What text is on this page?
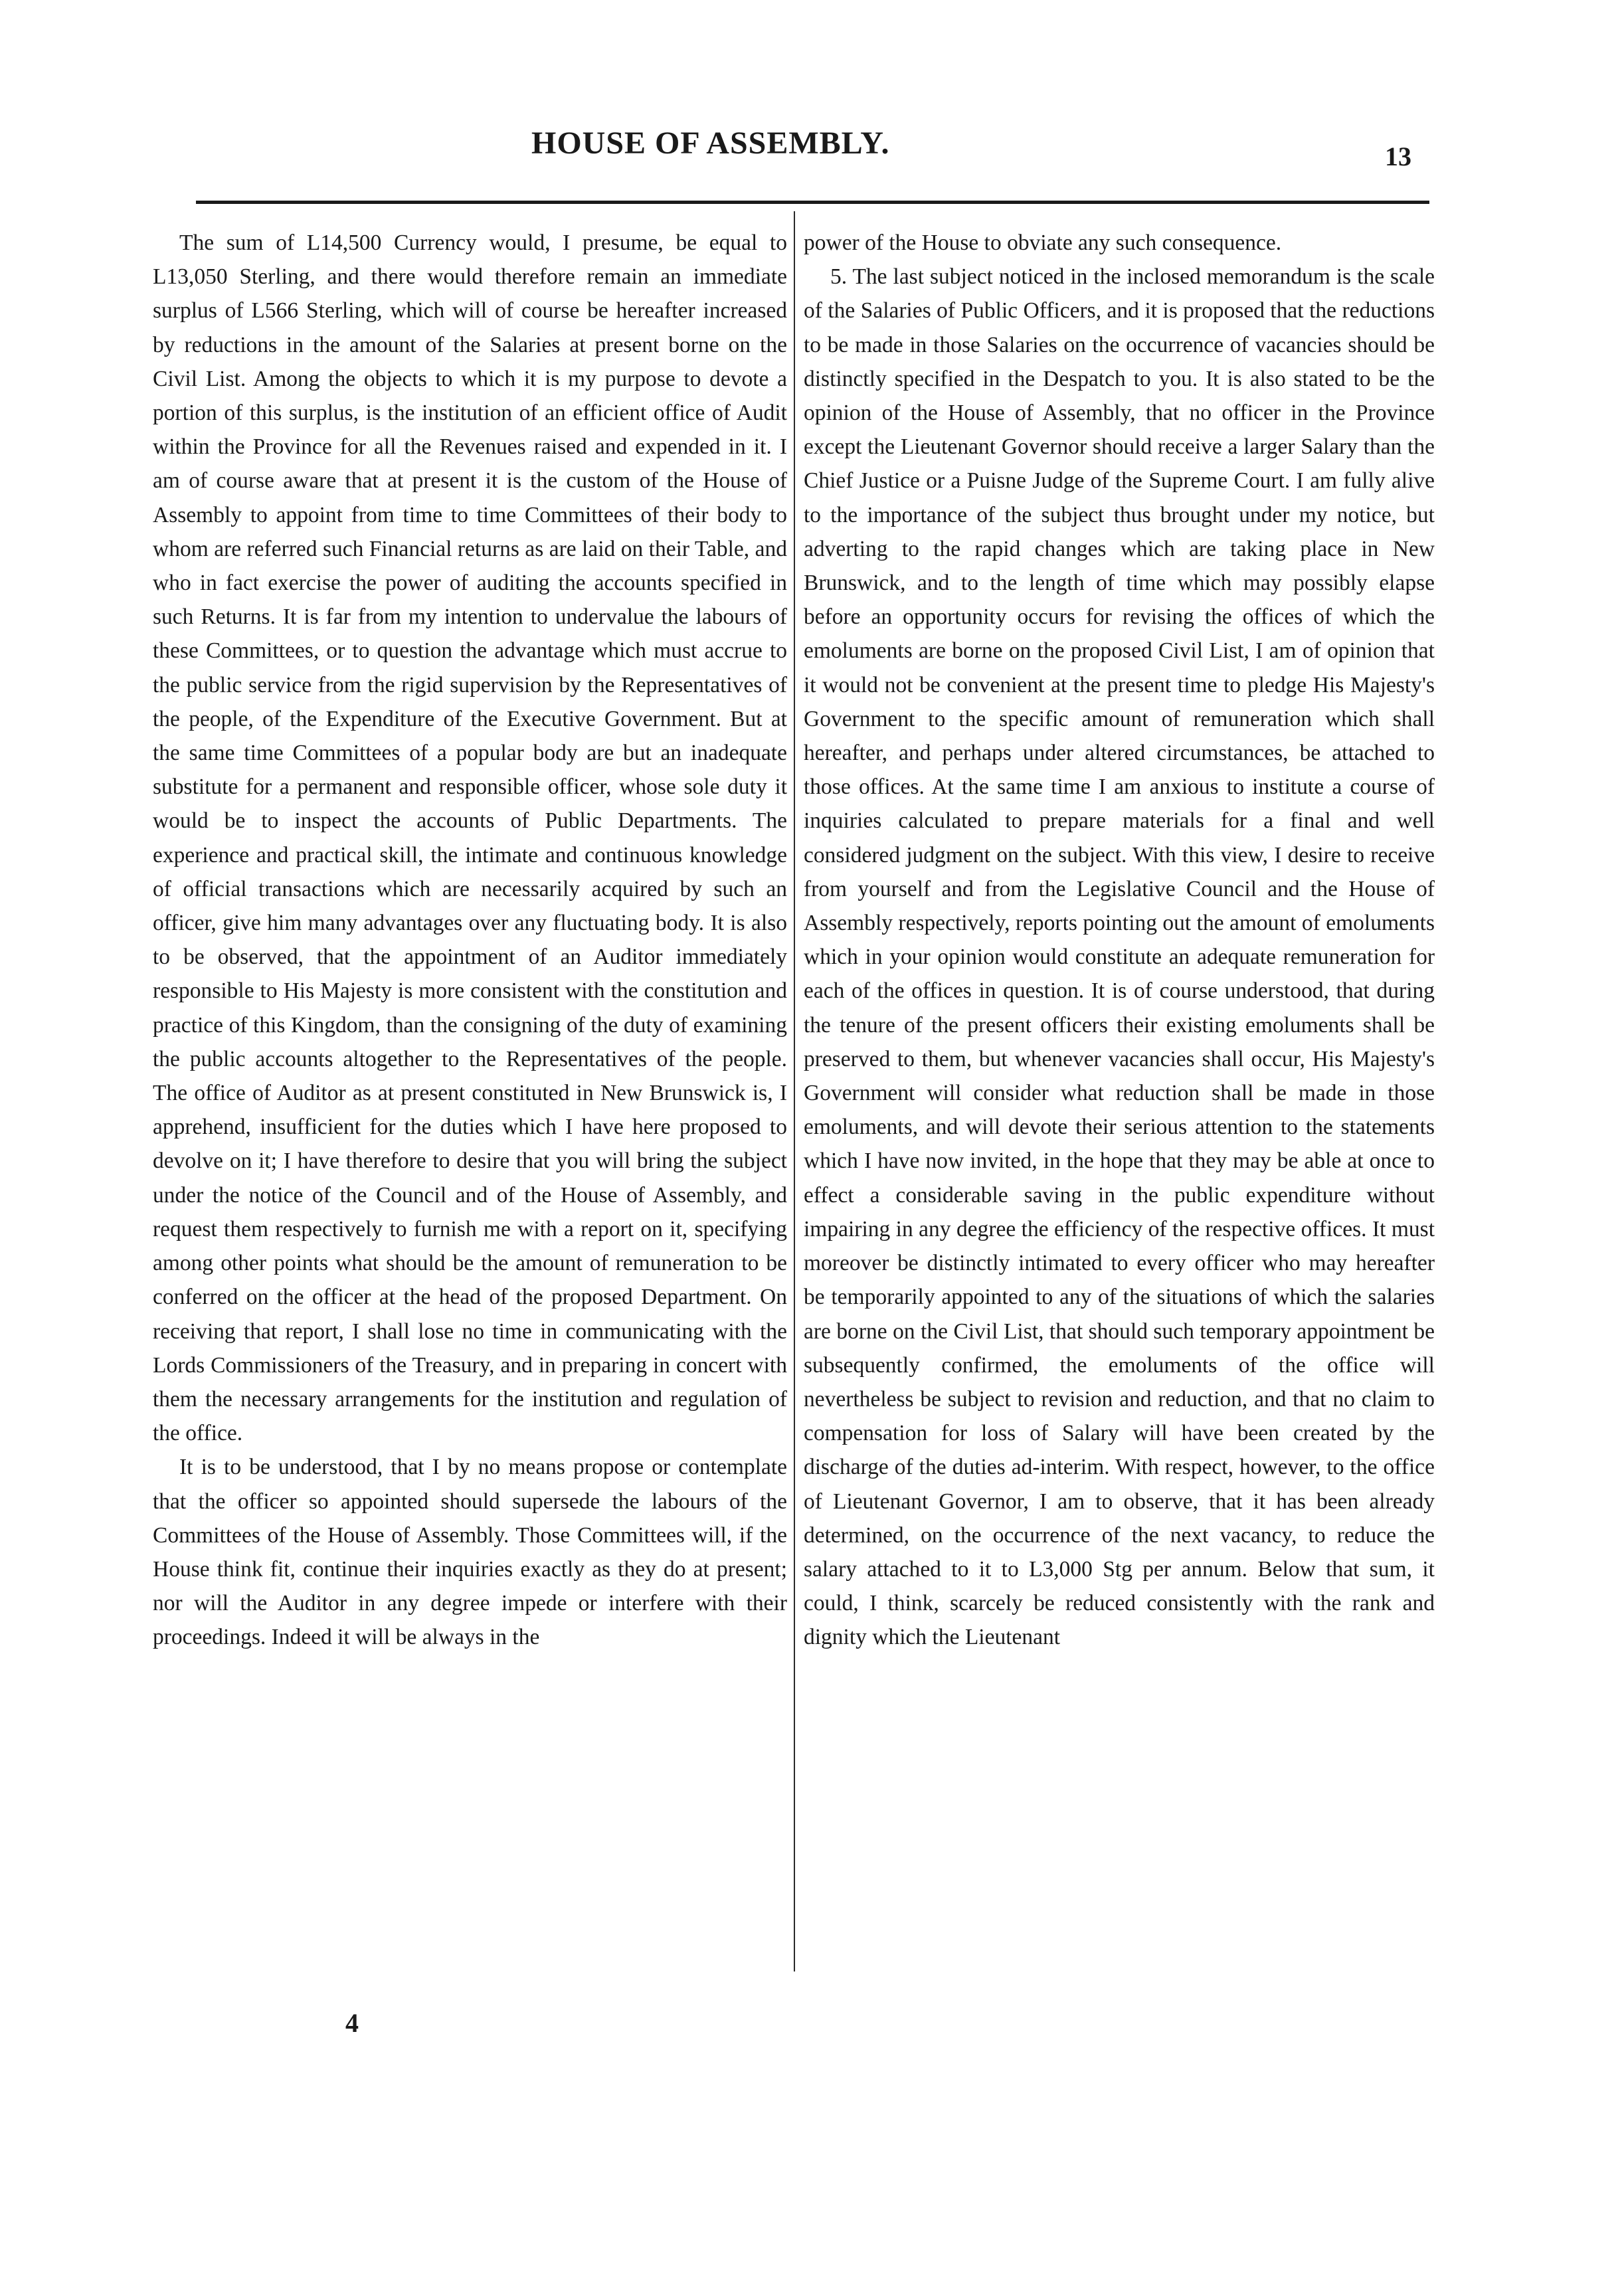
HOUSE OF ASSEMBLY.	13

The sum of L14,500 Currency would, I presume, be equal to L13,050 Sterling, and there would therefore remain an immediate surplus of L566 Sterling, which will of course be hereafter increased by reductions in the amount of the Salaries at present borne on the Civil List. Among the objects to which it is my purpose to devote a portion of this surplus, is the institution of an efficient office of Audit within the Province for all the Revenues raised and expended in it. I am of course aware that at present it is the custom of the House of Assembly to appoint from time to time Committees of their body to whom are referred such Financial returns as are laid on their Table, and who in fact exercise the power of auditing the accounts specified in such Returns. It is far from my intention to undervalue the labours of these Committees, or to question the advantage which must accrue to the public service from the rigid supervision by the Representatives of the people, of the Expenditure of the Executive Government. But at the same time Committees of a popular body are but an inadequate substitute for a permanent and responsible officer, whose sole duty it would be to inspect the accounts of Public Departments. The experience and practical skill, the intimate and continuous knowledge of official transactions which are necessarily acquired by such an officer, give him many advantages over any fluctuating body. It is also to be observed, that the appointment of an Auditor immediately responsible to His Majesty is more consistent with the constitution and practice of this Kingdom, than the consigning of the duty of examining the public accounts altogether to the Representatives of the people. The office of Auditor as at present constituted in New Brunswick is, I apprehend, insufficient for the duties which I have here proposed to devolve on it; I have therefore to desire that you will bring the subject under the notice of the Council and of the House of Assembly, and request them respectively to furnish me with a report on it, specifying among other points what should be the amount of remuneration to be conferred on the officer at the head of the proposed Department. On receiving that report, I shall lose no time in communicating with the Lords Commissioners of the Treasury, and in preparing in concert with them the necessary arrangements for the institution and regulation of the office.

It is to be understood, that I by no means propose or contemplate that the officer so appointed should supersede the labours of the Committees of the House of Assembly. Those Committees will, if the House think fit, continue their inquiries exactly as they do at present; nor will the Auditor in any degree impede or interfere with their proceedings. Indeed it will be always in the

power of the House to obviate any such consequence.

5. The last subject noticed in the inclosed memorandum is the scale of the Salaries of Public Officers, and it is proposed that the reductions to be made in those Salaries on the occurrence of vacancies should be distinctly specified in the Despatch to you. It is also stated to be the opinion of the House of Assembly, that no officer in the Province except the Lieutenant Governor should receive a larger Salary than the Chief Justice or a Puisne Judge of the Supreme Court. I am fully alive to the importance of the subject thus brought under my notice, but adverting to the rapid changes which are taking place in New Brunswick, and to the length of time which may possibly elapse before an opportunity occurs for revising the offices of which the emoluments are borne on the proposed Civil List, I am of opinion that it would not be convenient at the present time to pledge His Majesty's Government to the specific amount of remuneration which shall hereafter, and perhaps under altered circumstances, be attached to those offices. At the same time I am anxious to institute a course of inquiries calculated to prepare materials for a final and well considered judgment on the subject. With this view, I desire to receive from yourself and from the Legislative Council and the House of Assembly respectively, reports pointing out the amount of emoluments which in your opinion would constitute an adequate remuneration for each of the offices in question. It is of course understood, that during the tenure of the present officers their existing emoluments shall be preserved to them, but whenever vacancies shall occur, His Majesty's Government will consider what reduction shall be made in those emoluments, and will devote their serious attention to the statements which I have now invited, in the hope that they may be able at once to effect a considerable saving in the public expenditure without impairing in any degree the efficiency of the respective offices. It must moreover be distinctly intimated to every officer who may hereafter be temporarily appointed to any of the situations of which the salaries are borne on the Civil List, that should such temporary appointment be subsequently confirmed, the emoluments of the office will nevertheless be subject to revision and reduction, and that no claim to compensation for loss of Salary will have been created by the discharge of the duties ad-interim. With respect, however, to the office of Lieutenant Governor, I am to observe, that it has been already determined, on the occurrence of the next vacancy, to reduce the salary attached to it to L3,000 Stg per annum. Below that sum, it could, I think, scarcely be reduced consistently with the rank and dignity which the Lieutenant

4
